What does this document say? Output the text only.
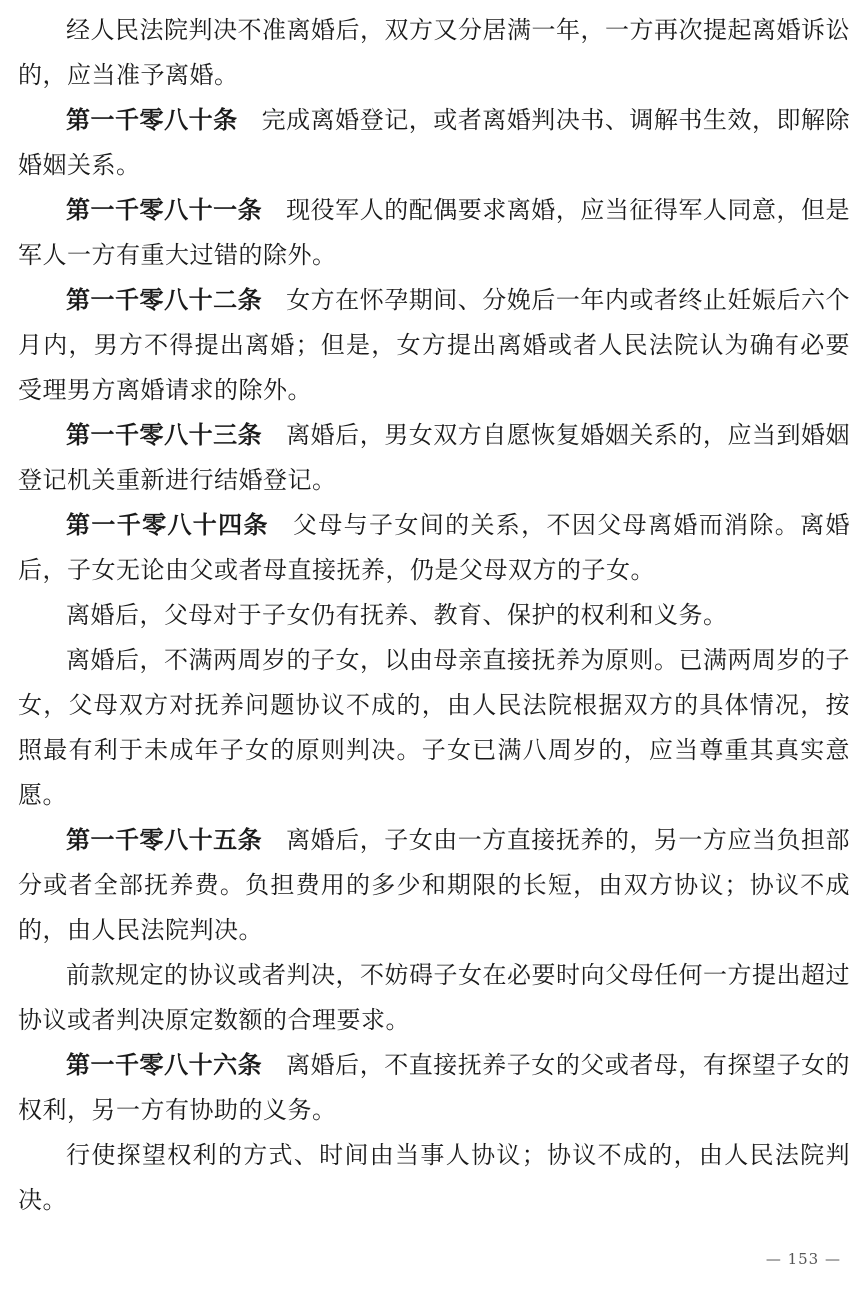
经人民法院判决不准离婚后，双方又分居满一年，一方再次提起离婚诉讼的，应当准予离婚。

第一千零八十条 完成离婚登记，或者离婚判决书、调解书生效，即解除婚姻关系。

第一千零八十一条 现役军人的配偶要求离婚，应当征得军人同意，但是军人一方有重大过错的除外。

第一千零八十二条 女方在怀孕期间、分娩后一年内或者终止妊娠后六个月内，男方不得提出离婚；但是，女方提出离婚或者人民法院认为确有必要受理男方离婚请求的除外。

第一千零八十三条 离婚后，男女双方自愿恢复婚姻关系的，应当到婚姻登记机关重新进行结婚登记。

第一千零八十四条 父母与子女间的关系，不因父母离婚而消除。离婚后，子女无论由父或者母直接抚养，仍是父母双方的子女。

离婚后，父母对于子女仍有抚养、教育、保护的权利和义务。

离婚后，不满两周岁的子女，以由母亲直接抚养为原则。已满两周岁的子女，父母双方对抚养问题协议不成的，由人民法院根据双方的具体情况，按照最有利于未成年子女的原则判决。子女已满八周岁的，应当尊重其真实意愿。

第一千零八十五条 离婚后，子女由一方直接抚养的，另一方应当负担部分或者全部抚养费。负担费用的多少和期限的长短，由双方协议；协议不成的，由人民法院判决。

前款规定的协议或者判决，不妨碍子女在必要时向父母任何一方提出超过协议或者判决原定数额的合理要求。

第一千零八十六条 离婚后，不直接抚养子女的父或者母，有探望子女的权利，另一方有协助的义务。

行使探望权利的方式、时间由当事人协议；协议不成的，由人民法院判决。

— 153 —
